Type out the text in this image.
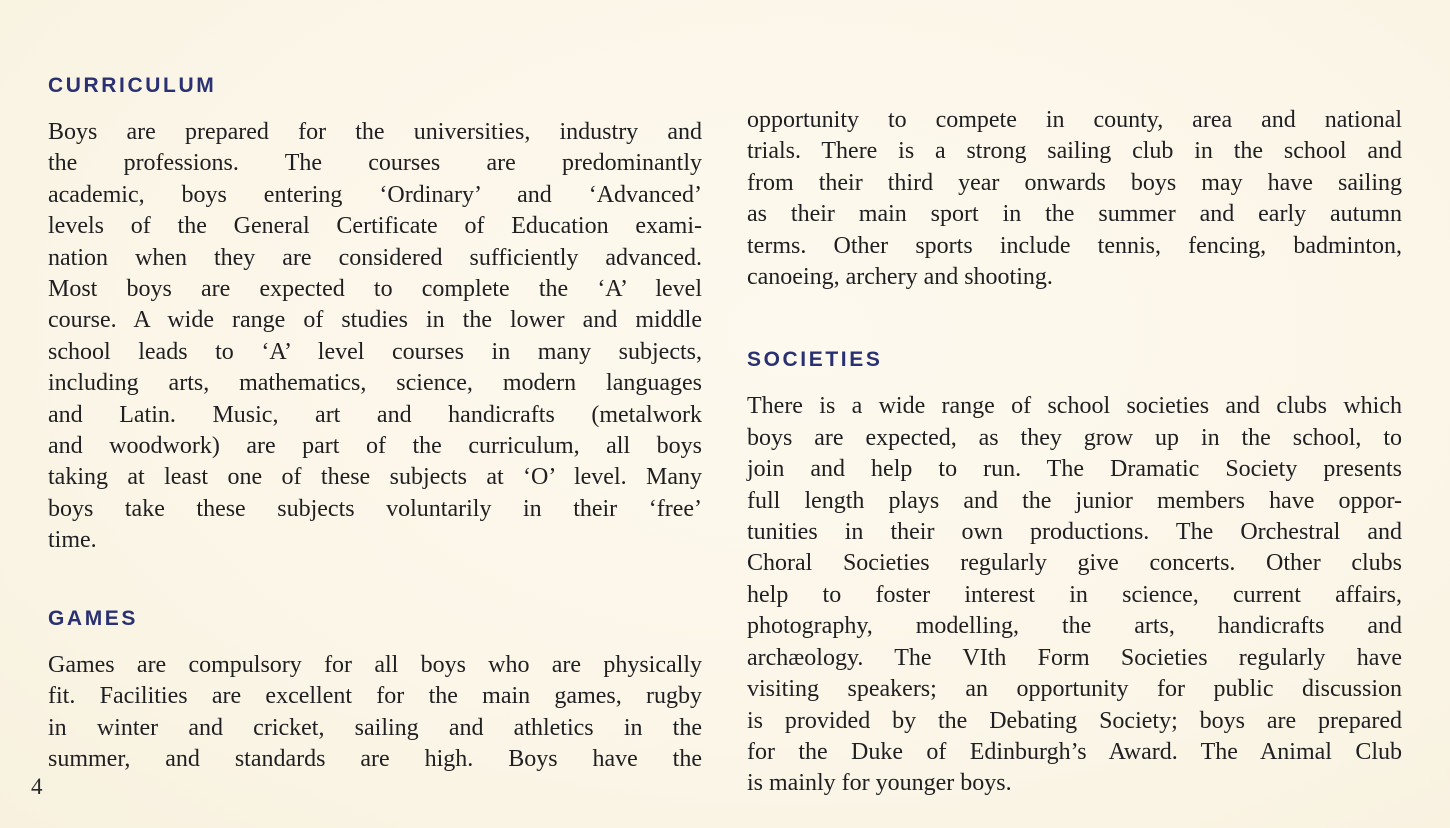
CURRICULUM
Boys are prepared for the universities, industry and
the professions. The courses are predominantly
academic, boys entering ‘Ordinary’ and ‘Advanced’
levels of the General Certificate of Education exami-
nation when they are considered sufficiently advanced.
Most boys are expected to complete the ‘A’ level
course. A wide range of studies in the lower and middle
school leads to ‘A’ level courses in many subjects,
including arts, mathematics, science, modern languages
and Latin. Music, art and handicrafts (metalwork
and woodwork) are part of the curriculum, all boys
taking at least one of these subjects at ‘O’ level. Many
boys take these subjects voluntarily in their ‘free’
time.
GAMES
Games are compulsory for all boys who are physically
fit. Facilities are excellent for the main games, rugby
in winter and cricket, sailing and athletics in the
summer, and standards are high. Boys have the
opportunity to compete in county, area and national
trials. There is a strong sailing club in the school and
from their third year onwards boys may have sailing
as their main sport in the summer and early autumn
terms. Other sports include tennis, fencing, badminton,
canoeing, archery and shooting.
SOCIETIES
There is a wide range of school societies and clubs which
boys are expected, as they grow up in the school, to
join and help to run. The Dramatic Society presents
full length plays and the junior members have oppor-
tunities in their own productions. The Orchestral and
Choral Societies regularly give concerts. Other clubs
help to foster interest in science, current affairs,
photography, modelling, the arts, handicrafts and
archæology. The VIth Form Societies regularly have
visiting speakers; an opportunity for public discussion
is provided by the Debating Society; boys are prepared
for the Duke of Edinburgh’s Award. The Animal Club
is mainly for younger boys.
4
